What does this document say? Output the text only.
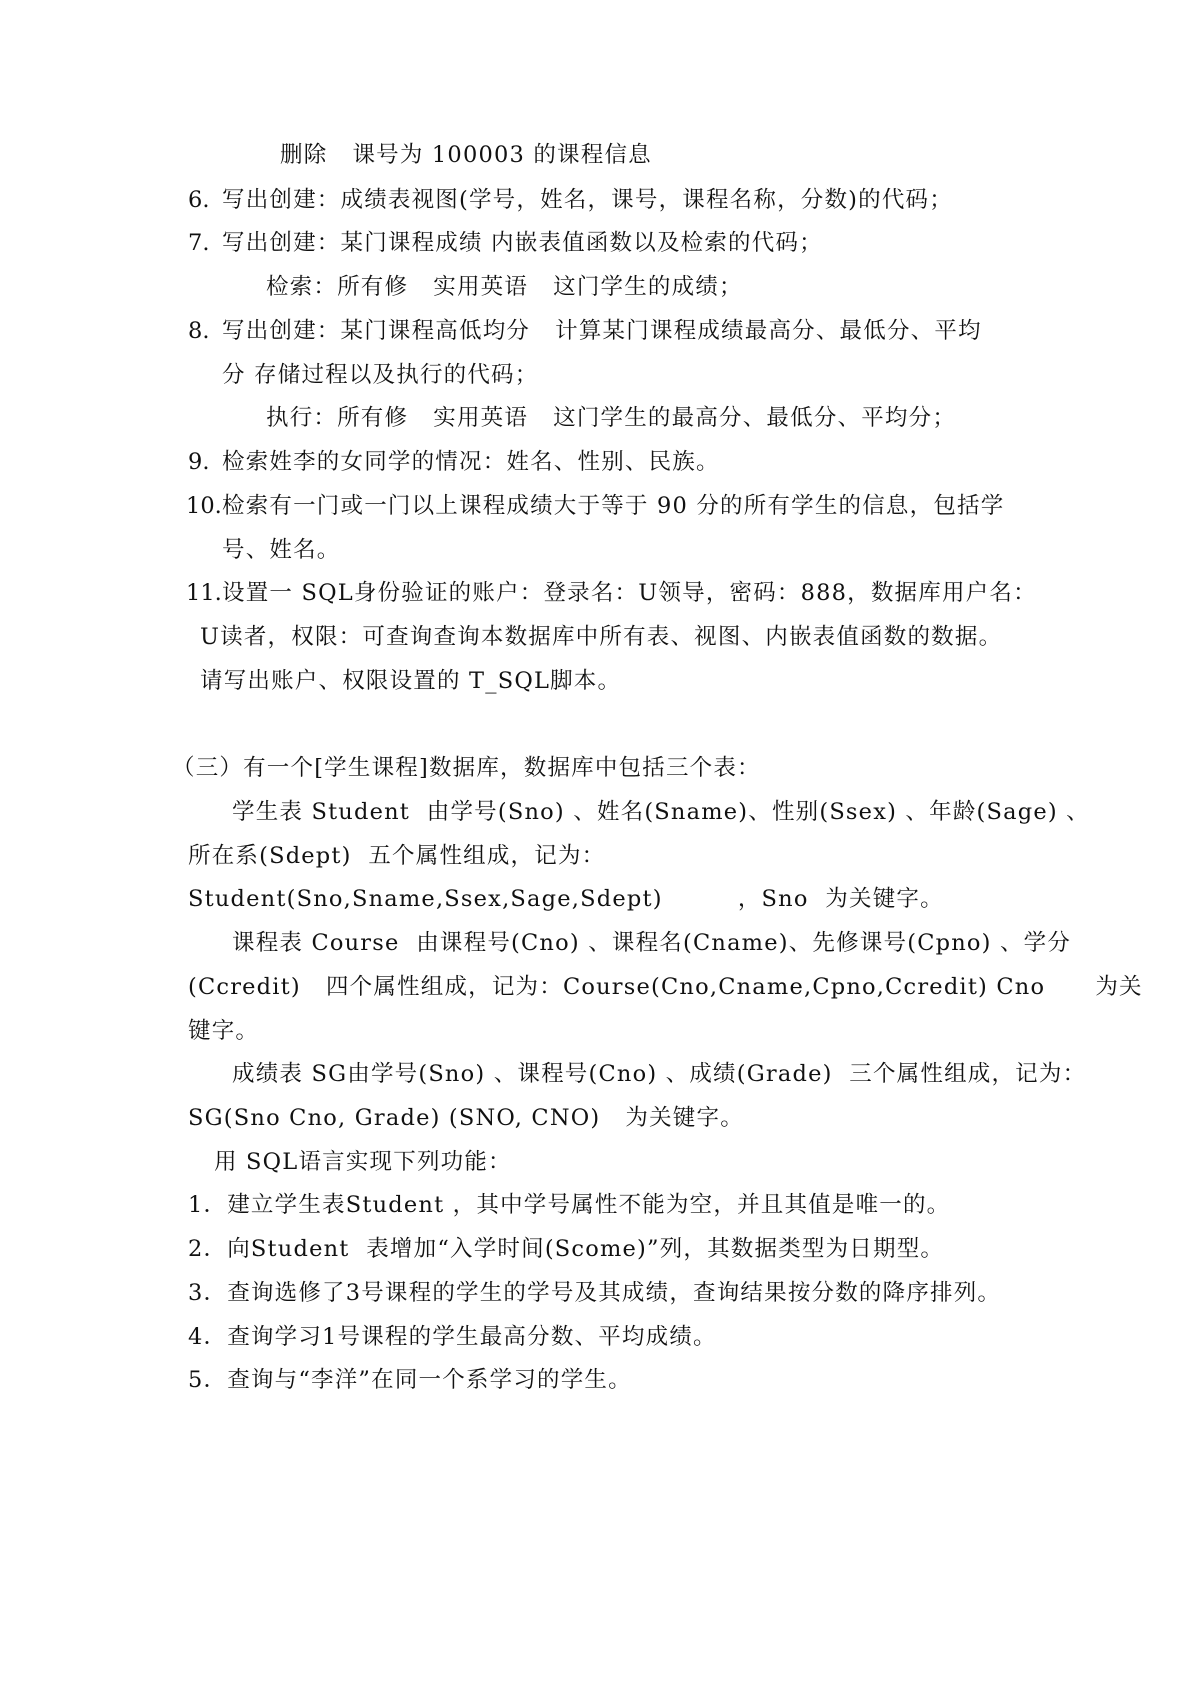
删除   课号为 100003 的课程信息
6. 写出创建：成绩表视图(学号，姓名，课号，课程名称，分数)的代码；
7. 写出创建：某门课程成绩 内嵌表值函数以及检索的代码；
检索：所有修   实用英语   这门学生的成绩；
8. 写出创建：某门课程高低均分   计算某门课程成绩最高分、最低分、平均
分 存储过程以及执行的代码；
执行：所有修   实用英语   这门学生的最高分、最低分、平均分；
9. 检索姓李的女同学的情况：姓名、性别、民族。
10. 检索有一门或一门以上课程成绩大于等于 90 分的所有学生的信息，包括学
号、姓名。
11. 设置一 SQL身份验证的账户：登录名：U领导，密码：888，数据库用户名：
U读者，权限：可查询查询本数据库中所有表、视图、内嵌表值函数的数据。
请写出账户、权限设置的 T_SQL脚本。
（三）有一个[学生课程]数据库，数据库中包括三个表：
学生表 Student  由学号(Sno) 、姓名(Sname)、性别(Ssex) 、年龄(Sage) 、
所在系(Sdept)  五个属性组成，记为：
Student(Sno,Sname,Ssex,Sage,Sdept)         ，Sno  为关键字。
课程表 Course  由课程号(Cno) 、课程名(Cname)、先修课号(Cpno) 、学分
(Ccredit)   四个属性组成，记为：Course(Cno,Cname,Cpno,Ccredit) Cno      为关
键字。
成绩表 SG由学号(Sno) 、课程号(Cno) 、成绩(Grade)  三个属性组成，记为：
SG(Sno Cno, Grade) (SNO, CNO)   为关键字。
用 SQL语言实现下列功能：
1．建立学生表Student ，其中学号属性不能为空，并且其值是唯一的。
2．向Student  表增加“入学时间(Scome)”列，其数据类型为日期型。
3．查询选修了3号课程的学生的学号及其成绩，查询结果按分数的降序排列。
4．查询学习1号课程的学生最高分数、平均成绩。
5．查询与“李洋”在同一个系学习的学生。
